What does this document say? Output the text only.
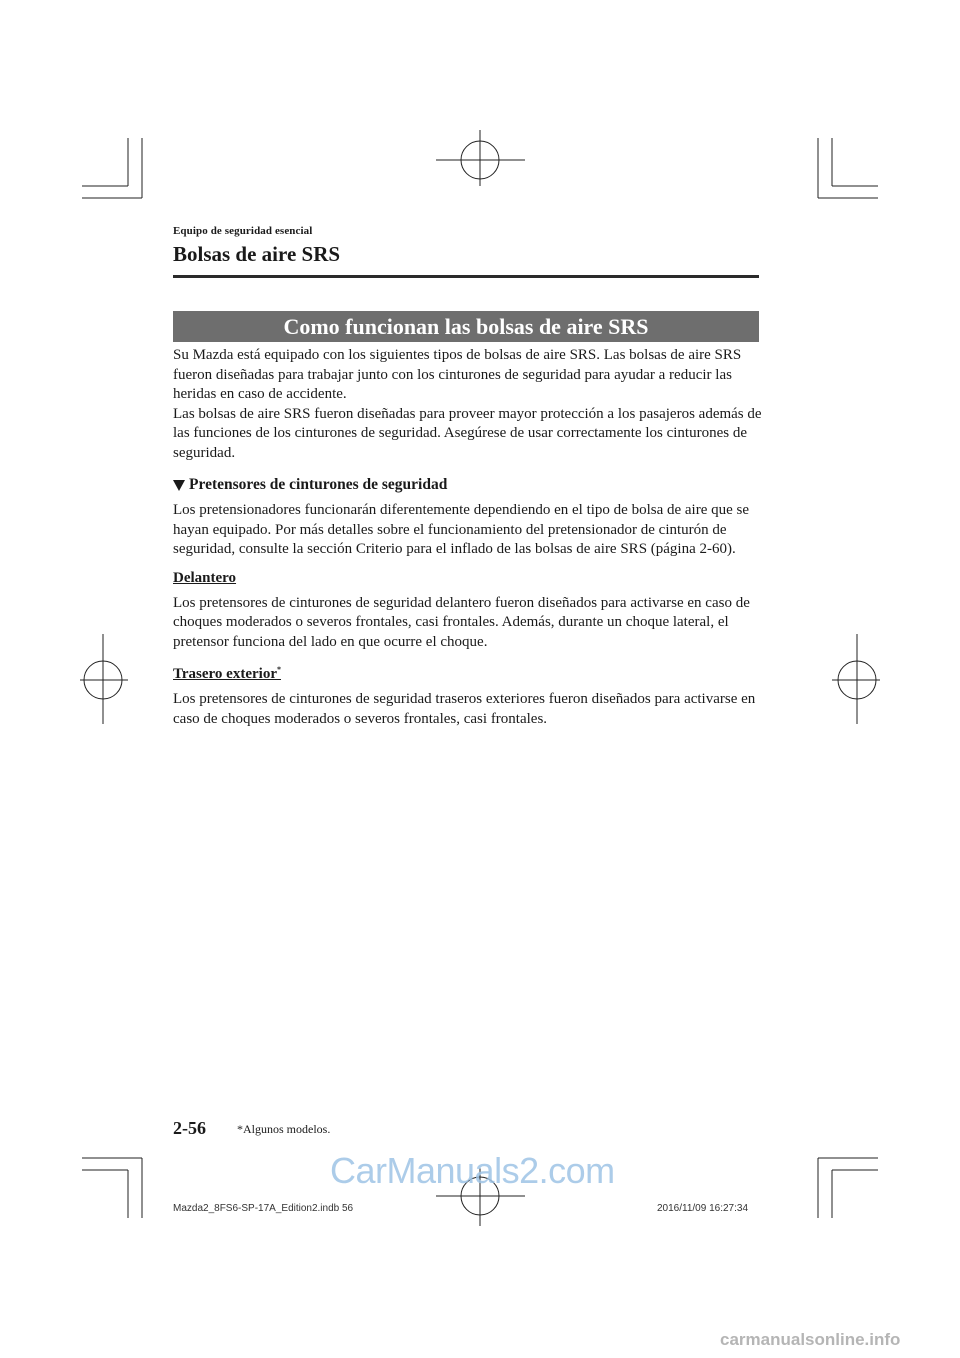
Equipo de seguridad esencial
Bolsas de aire SRS
Como funcionan las bolsas de aire SRS

Su Mazda está equipado con los siguientes tipos de bolsas de aire SRS. Las bolsas de aire SRS fueron diseñadas para trabajar junto con los cinturones de seguridad para ayudar a reducir las heridas en caso de accidente.

Las bolsas de aire SRS fueron diseñadas para proveer mayor protección a los pasajeros además de las funciones de los cinturones de seguridad. Asegúrese de usar correctamente los cinturones de seguridad.

Pretensores de cinturones de seguridad

Los pretensionadores funcionarán diferentemente dependiendo en el tipo de bolsa de aire que se hayan equipado. Por más detalles sobre el funcionamiento del pretensionador de cinturón de seguridad, consulte la sección Criterio para el inflado de las bolsas de aire SRS (página 2-60).

Delantero

Los pretensores de cinturones de seguridad delantero fueron diseñados para activarse en caso de choques moderados o severos frontales, casi frontales. Además, durante un choque lateral, el pretensor funciona del lado en que ocurre el choque.

Trasero exterior*

Los pretensores de cinturones de seguridad traseros exteriores fueron diseñados para activarse en caso de choques moderados o severos frontales, casi frontales.

2-56	*Algunos modelos.
CarManuals2.com
Mazda2_8FS6-SP-17A_Edition2.indb 56	2016/11/09 16:27:34
carmanualsonline.info
